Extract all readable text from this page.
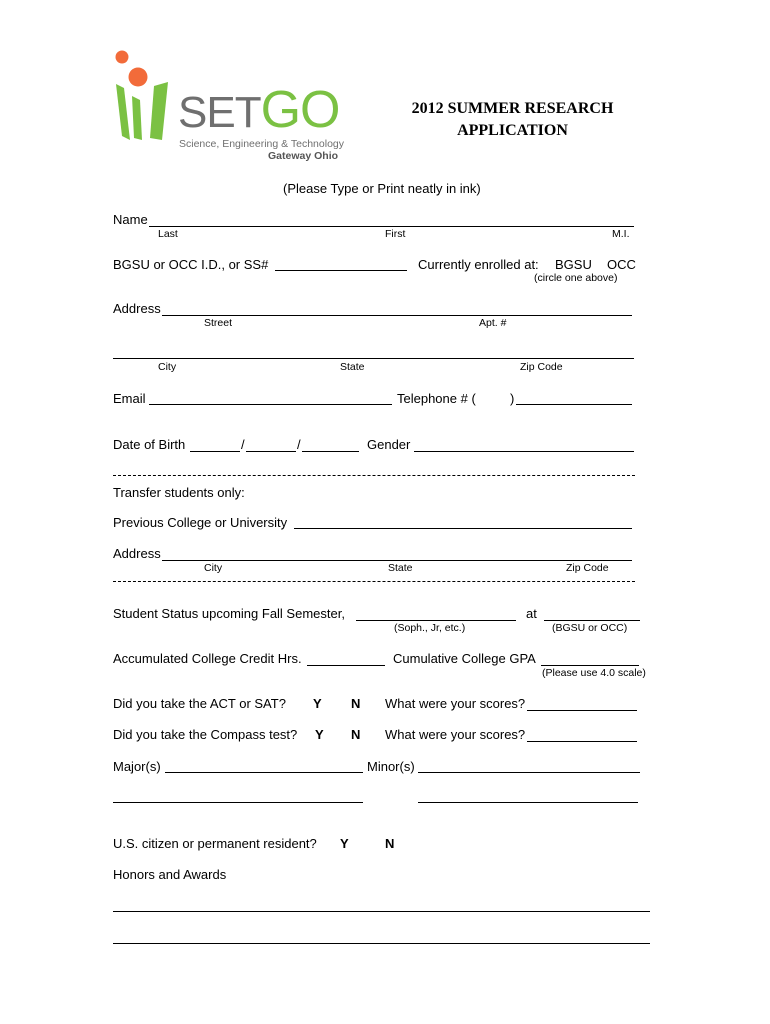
SETGO
Science, Engineering & Technology
Gateway Ohio
2012 SUMMER RESEARCH
APPLICATION
(Please Type or Print neatly in ink)
Name
Last	First	M.I.
BGSU or OCC I.D., or SS#	Currently enrolled at: BGSU OCC
(circle one above)
Address
Street	Apt. #
City	State	Zip Code
Email	Telephone # (	)
Date of Birth	/	/	Gender
Transfer students only:
Previous College or University
Address
City	State	Zip Code
Student Status upcoming Fall Semester,	at
(Soph., Jr, etc.)	(BGSU or OCC)
Accumulated College Credit Hrs.	Cumulative College GPA
(Please use 4.0 scale)
Did you take the ACT or SAT? Y N What were your scores?
Did you take the Compass test? Y N What were your scores?
Major(s)	Minor(s)
U.S. citizen or permanent resident? Y	N
Honors and Awards
